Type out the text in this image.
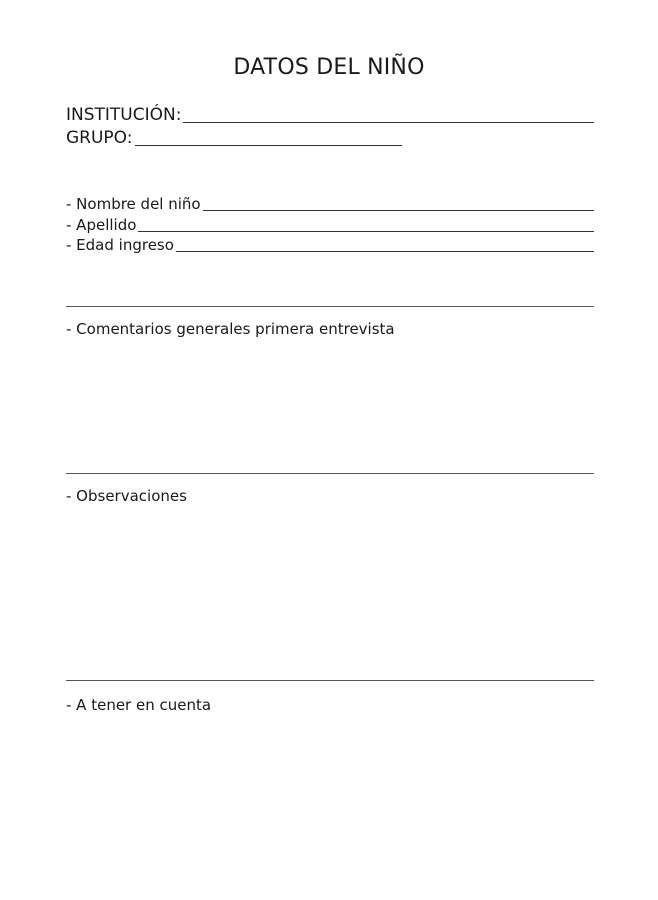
DATOS DEL NIÑO
INSTITUCIÓN:
GRUPO:
- Nombre del niño
- Apellido
- Edad ingreso
- Comentarios generales primera entrevista
- Observaciones
- A tener en cuenta
